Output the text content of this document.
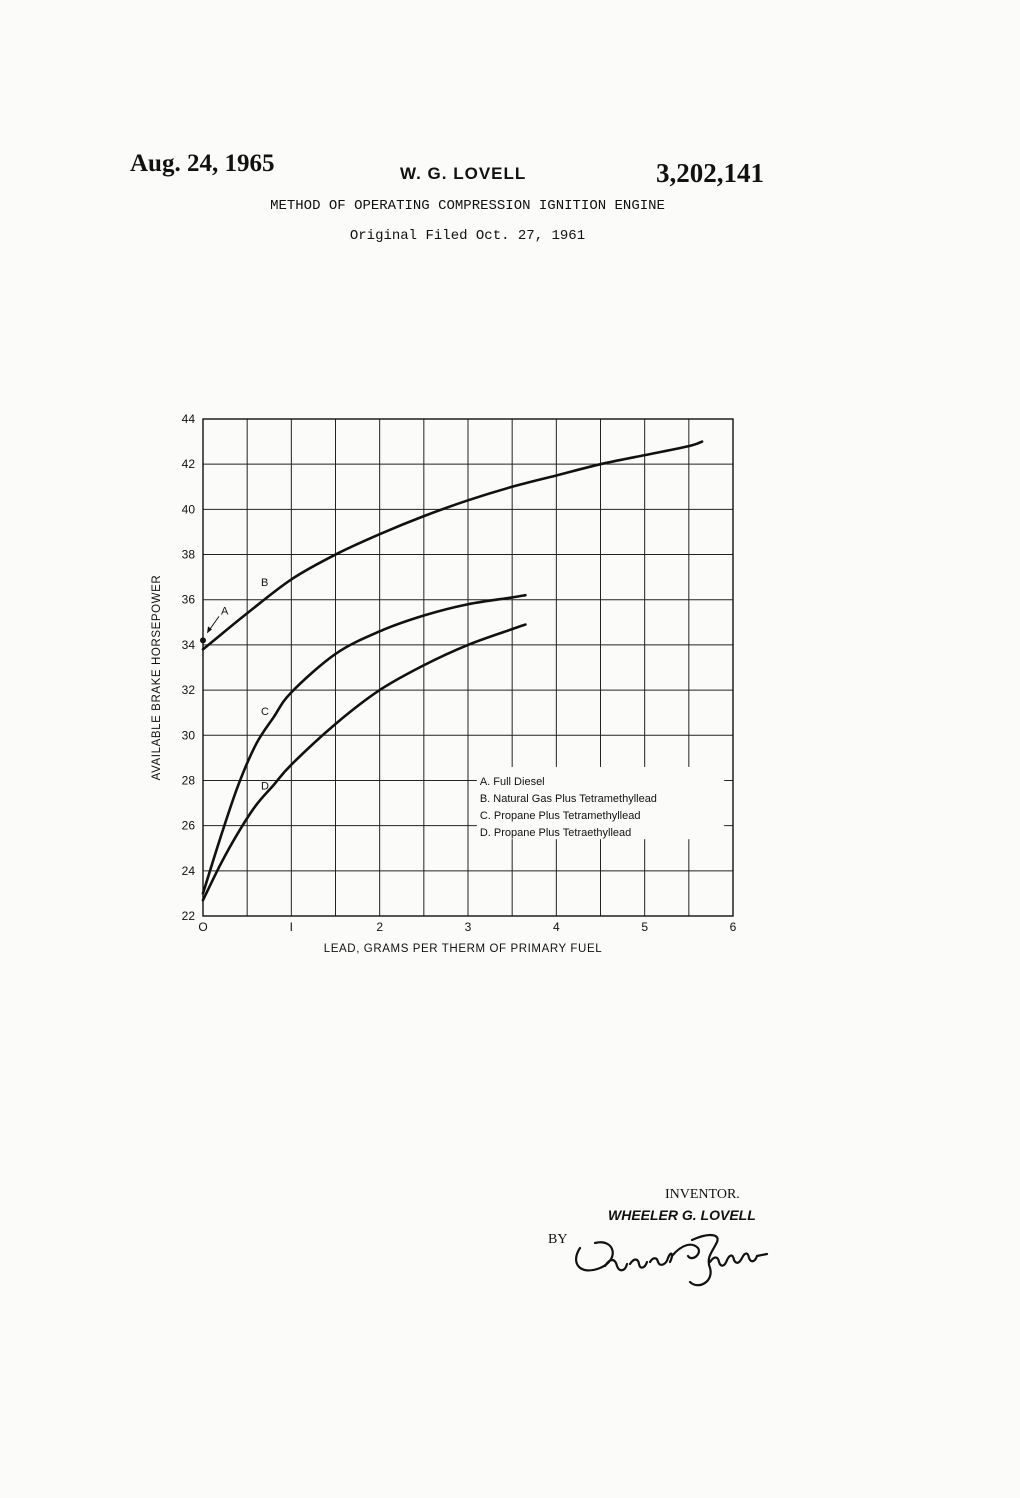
Aug. 24, 1965	W. G. LOVELL	3,202,141
METHOD OF OPERATING COMPRESSION IGNITION ENGINE
Original Filed Oct. 27, 1961
A. Full Diesel
B. Natural Gas Plus Tetramethyllead
C. Propane Plus Tetramethyllead
D. Propane Plus Tetraethyllead
22
24
26
28
30
32
34
36
38
40
42
44
O	I	2	3	4	5	6
B
C
D
A
LEAD, GRAMS PER THERM OF PRIMARY FUEL
AVAILABLE BRAKE HORSEPOWER
INVENTOR.
WHEELER G. LOVELL
BY
Donald T. Johnson
